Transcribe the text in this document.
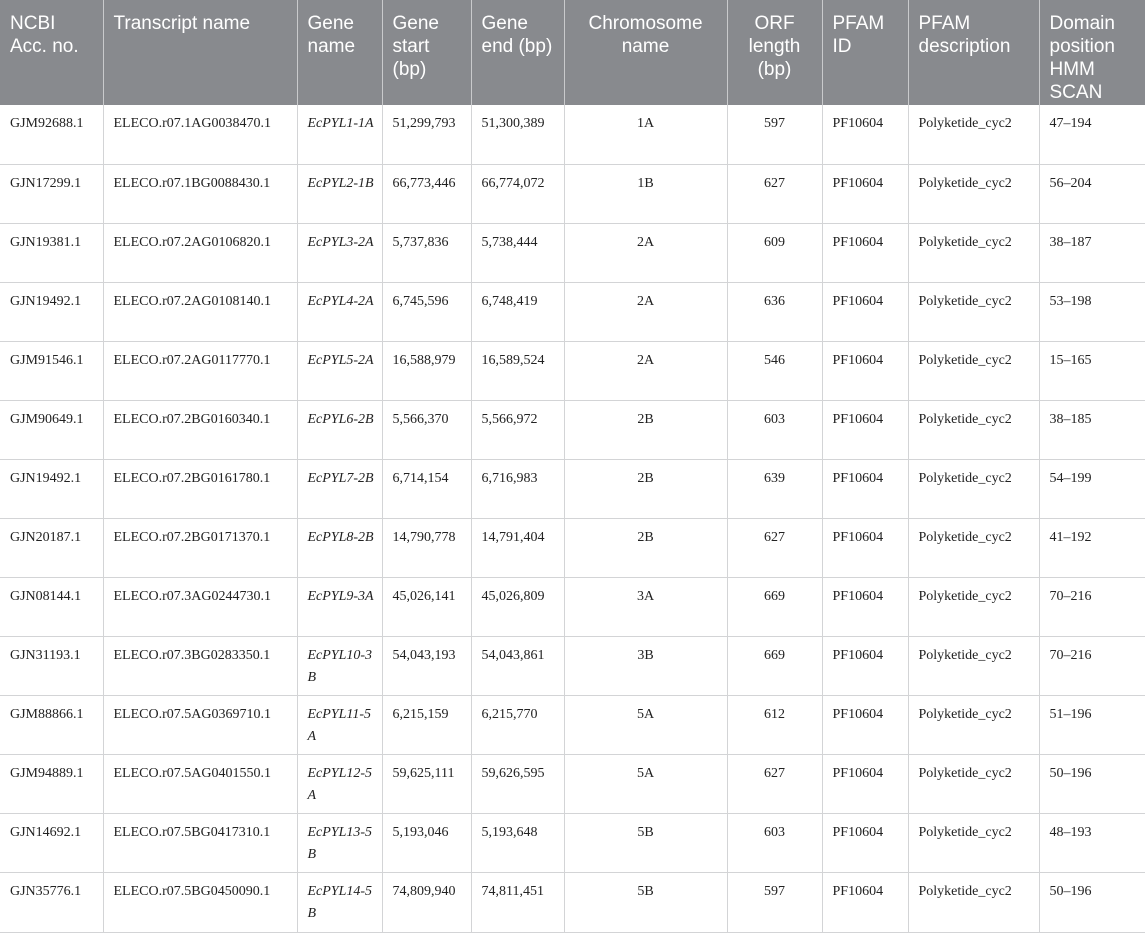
NCBI Acc. no.	Transcript name	Gene name	Gene start (bp)	Gene end (bp)	Chromosome name	ORF length (bp)	PFAM ID	PFAM description	Domain position HMM SCAN
GJM92688.1	ELECO.r07.1AG0038470.1	EcPYL1-1A	51,299,793	51,300,389	1A	597	PF10604	Polyketide_cyc2	47–194
GJN17299.1	ELECO.r07.1BG0088430.1	EcPYL2-1B	66,773,446	66,774,072	1B	627	PF10604	Polyketide_cyc2	56–204
GJN19381.1	ELECO.r07.2AG0106820.1	EcPYL3-2A	5,737,836	5,738,444	2A	609	PF10604	Polyketide_cyc2	38–187
GJN19492.1	ELECO.r07.2AG0108140.1	EcPYL4-2A	6,745,596	6,748,419	2A	636	PF10604	Polyketide_cyc2	53–198
GJM91546.1	ELECO.r07.2AG0117770.1	EcPYL5-2A	16,588,979	16,589,524	2A	546	PF10604	Polyketide_cyc2	15–165
GJM90649.1	ELECO.r07.2BG0160340.1	EcPYL6-2B	5,566,370	5,566,972	2B	603	PF10604	Polyketide_cyc2	38–185
GJN19492.1	ELECO.r07.2BG0161780.1	EcPYL7-2B	6,714,154	6,716,983	2B	639	PF10604	Polyketide_cyc2	54–199
GJN20187.1	ELECO.r07.2BG0171370.1	EcPYL8-2B	14,790,778	14,791,404	2B	627	PF10604	Polyketide_cyc2	41–192
GJN08144.1	ELECO.r07.3AG0244730.1	EcPYL9-3A	45,026,141	45,026,809	3A	669	PF10604	Polyketide_cyc2	70–216
GJN31193.1	ELECO.r07.3BG0283350.1	EcPYL10-3B	54,043,193	54,043,861	3B	669	PF10604	Polyketide_cyc2	70–216
GJM88866.1	ELECO.r07.5AG0369710.1	EcPYL11-5A	6,215,159	6,215,770	5A	612	PF10604	Polyketide_cyc2	51–196
GJM94889.1	ELECO.r07.5AG0401550.1	EcPYL12-5A	59,625,111	59,626,595	5A	627	PF10604	Polyketide_cyc2	50–196
GJN14692.1	ELECO.r07.5BG0417310.1	EcPYL13-5B	5,193,046	5,193,648	5B	603	PF10604	Polyketide_cyc2	48–193
GJN35776.1	ELECO.r07.5BG0450090.1	EcPYL14-5B	74,809,940	74,811,451	5B	597	PF10604	Polyketide_cyc2	50–196
